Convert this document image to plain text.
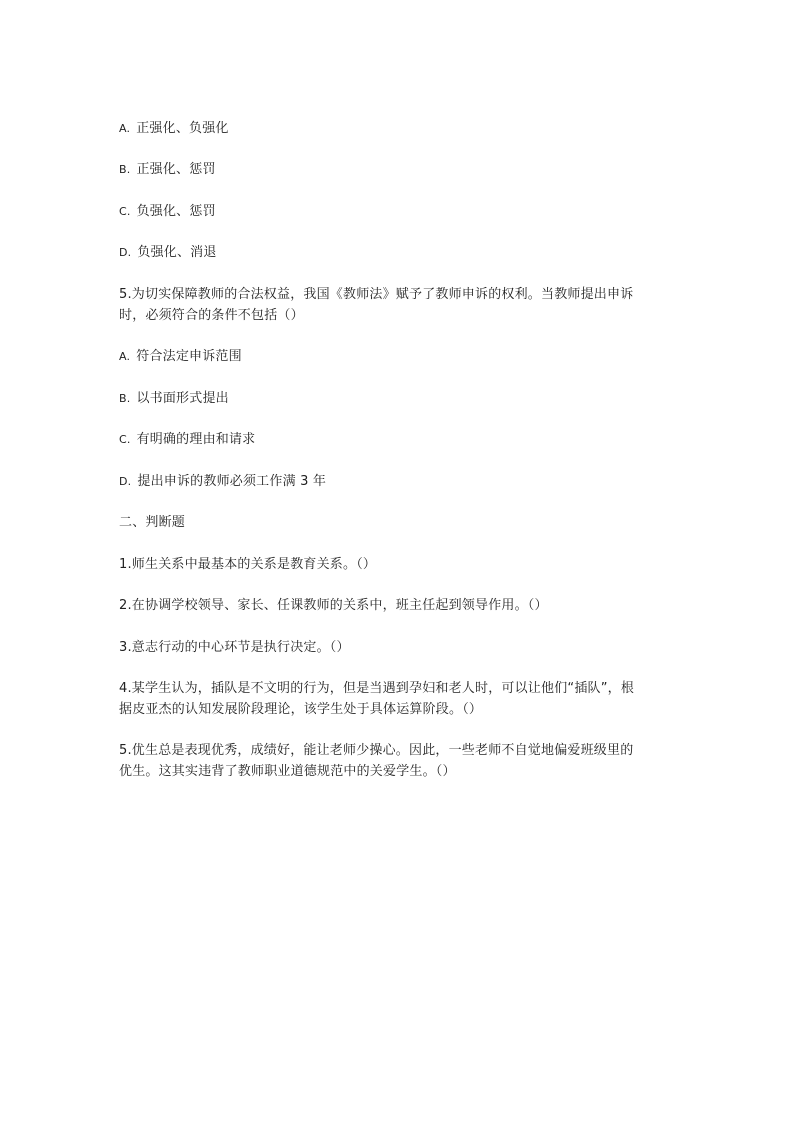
A. 正强化、负强化
B. 正强化、惩罚
C. 负强化、惩罚
D. 负强化、消退
5.为切实保障教师的合法权益，我国《教师法》赋予了教师申诉的权利。当教师提出申诉
时，必须符合的条件不包括（）
A. 符合法定申诉范围
B. 以书面形式提出
C. 有明确的理由和请求
D. 提出申诉的教师必须工作满 3 年
二、判断题
1.师生关系中最基本的关系是教育关系。（）
2.在协调学校领导、家长、任课教师的关系中，班主任起到领导作用。（）
3.意志行动的中心环节是执行决定。（）
4.某学生认为，插队是不文明的行为，但是当遇到孕妇和老人时，可以让他们“插队”，根
据皮亚杰的认知发展阶段理论，该学生处于具体运算阶段。（）
5.优生总是表现优秀，成绩好，能让老师少操心。因此，一些老师不自觉地偏爱班级里的
优生。这其实违背了教师职业道德规范中的关爱学生。（）
